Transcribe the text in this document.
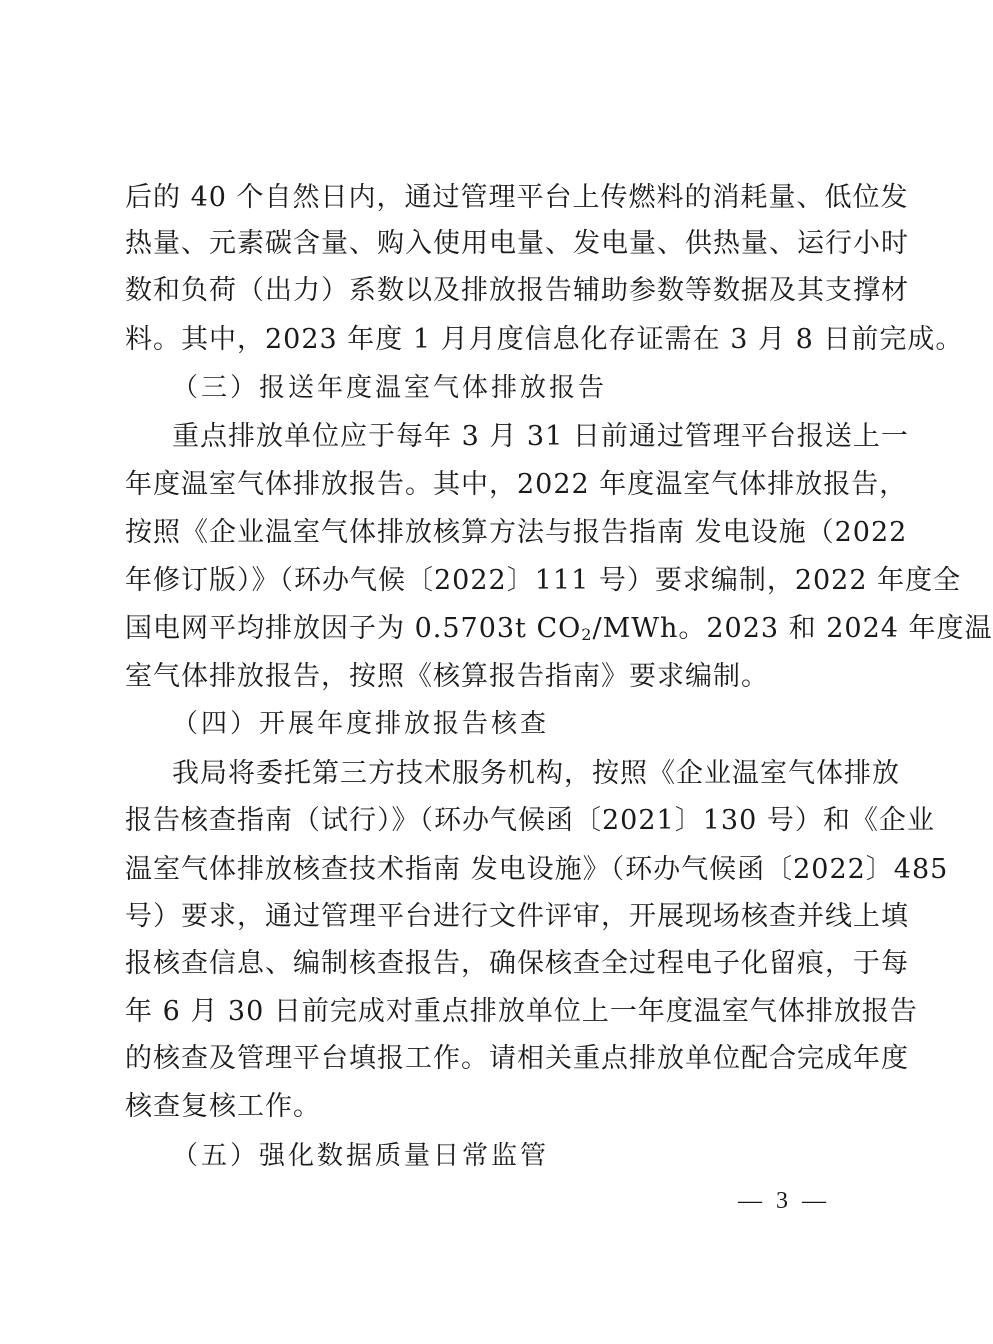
后的 40 个自然日内，通过管理平台上传燃料的消耗量、低位发
热量、元素碳含量、购入使用电量、发电量、供热量、运行小时
数和负荷（出力）系数以及排放报告辅助参数等数据及其支撑材
料。其中，2023 年度 1 月月度信息化存证需在 3 月 8 日前完成。
（三）报送年度温室气体排放报告
重点排放单位应于每年 3 月 31 日前通过管理平台报送上一
年度温室气体排放报告。其中，2022 年度温室气体排放报告，
按照《企业温室气体排放核算方法与报告指南 发电设施（2022
年修订版）》（环办气候〔2022〕111 号）要求编制，2022 年度全
国电网平均排放因子为 0.5703t $CO_2$/MWh。2023 和 2024 年度温
室气体排放报告，按照《核算报告指南》要求编制。
（四）开展年度排放报告核查
我局将委托第三方技术服务机构，按照《企业温室气体排放
报告核查指南（试行）》（环办气候函〔2021〕130 号）和《企业
温室气体排放核查技术指南 发电设施》（环办气候函〔2022〕485
号）要求，通过管理平台进行文件评审，开展现场核查并线上填
报核查信息、编制核查报告，确保核查全过程电子化留痕，于每
年 6 月 30 日前完成对重点排放单位上一年度温室气体排放报告
的核查及管理平台填报工作。请相关重点排放单位配合完成年度
核查复核工作。
（五）强化数据质量日常监管
— 3 —
